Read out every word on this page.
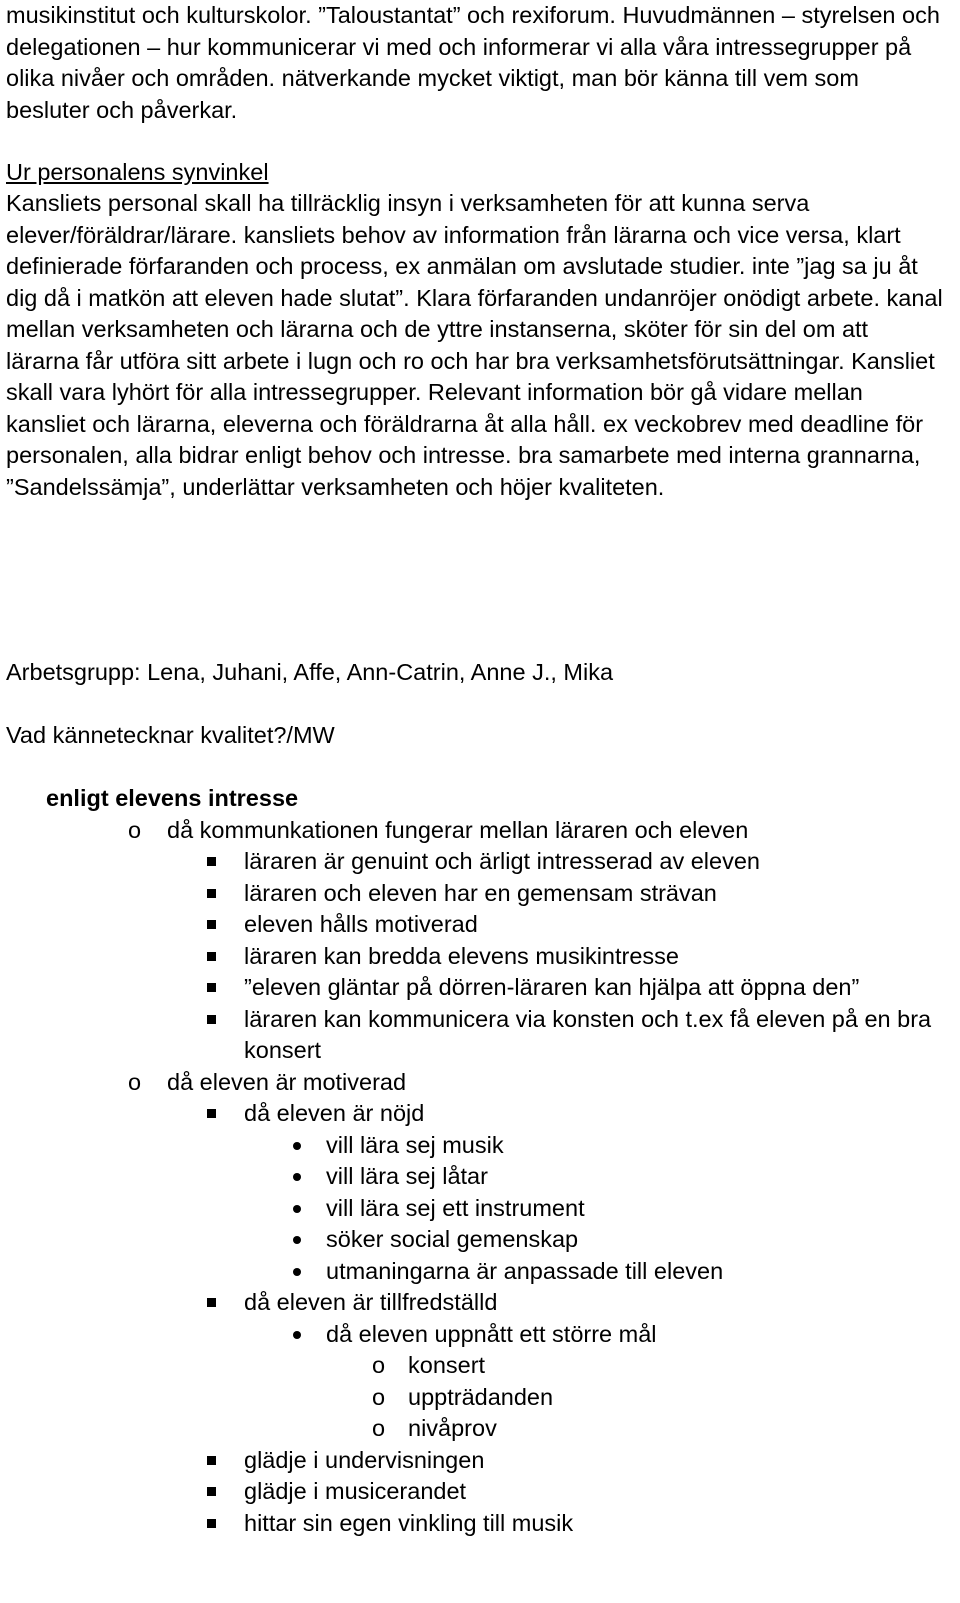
musikinstitut och kulturskolor. ”Taloustantat” och rexiforum. Huvudmännen – styrelsen och delegationen – hur kommunicerar vi med och informerar vi alla våra intressegrupper på olika nivåer och områden. nätverkande mycket viktigt, man bör känna till vem som besluter och påverkar.

Ur personalens synvinkel

Kansliets personal skall ha tillräcklig insyn i verksamheten för att kunna serva elever/föräldrar/lärare. kansliets behov av information från lärarna och vice versa, klart definierade förfaranden och process, ex anmälan om avslutade studier. inte ”jag sa ju åt dig då i matkön att eleven hade slutat”. Klara förfaranden undanröjer onödigt arbete. kanal mellan verksamheten och lärarna och de yttre instanserna, sköter för sin del om att lärarna får utföra sitt arbete i lugn och ro och har bra verksamhetsförutsättningar. Kansliet skall vara lyhört för alla intressegrupper. Relevant information bör gå vidare mellan kansliet och lärarna, eleverna och föräldrarna åt alla håll. ex veckobrev med deadline för personalen, alla bidrar enligt behov och intresse. bra samarbete med interna grannarna, ”Sandelssämja”, underlättar verksamheten och höjer kvaliteten.

Arbetsgrupp: Lena, Juhani, Affe, Ann-Catrin, Anne J., Mika

Vad kännetecknar kvalitet?/MW

enligt elevens intresse
o då kommunkationen fungerar mellan läraren och eleven
läraren är genuint och ärligt intresserad av eleven
läraren och eleven har en gemensam strävan
eleven hålls motiverad
läraren kan bredda elevens musikintresse
”eleven gläntar på dörren-läraren kan hjälpa att öppna den”
läraren kan kommunicera via konsten och t.ex få eleven på en bra konsert
o då eleven är motiverad
då eleven är nöjd
vill lära sej musik
vill lära sej låtar
vill lära sej ett instrument
söker social gemenskap
utmaningarna är anpassade till eleven
då eleven är tillfredställd
då eleven uppnått ett större mål
o konsert
o uppträdanden
o nivåprov
glädje i undervisningen
glädje i musicerandet
hittar sin egen vinkling till musik
